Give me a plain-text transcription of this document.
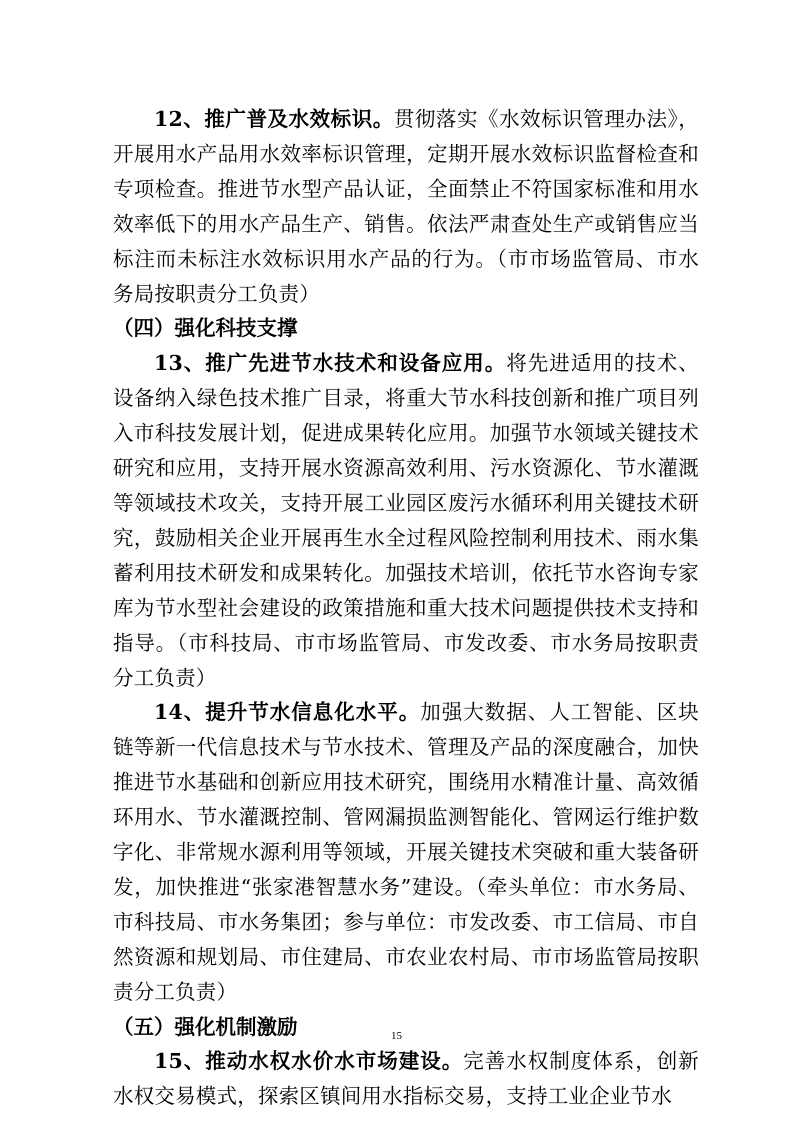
12、推广普及水效标识。贯彻落实《水效标识管理办法》，开展用水产品用水效率标识管理，定期开展水效标识监督检查和专项检查。推进节水型产品认证，全面禁止不符国家标准和用水效率低下的用水产品生产、销售。依法严肃查处生产或销售应当标注而未标注水效标识用水产品的行为。（市市场监管局、市水务局按职责分工负责）

（四）强化科技支撑

13、推广先进节水技术和设备应用。将先进适用的技术、设备纳入绿色技术推广目录，将重大节水科技创新和推广项目列入市科技发展计划，促进成果转化应用。加强节水领域关键技术研究和应用，支持开展水资源高效利用、污水资源化、节水灌溉等领域技术攻关，支持开展工业园区废污水循环利用关键技术研究，鼓励相关企业开展再生水全过程风险控制利用技术、雨水集蓄利用技术研发和成果转化。加强技术培训，依托节水咨询专家库为节水型社会建设的政策措施和重大技术问题提供技术支持和指导。（市科技局、市市场监管局、市发改委、市水务局按职责分工负责）

14、提升节水信息化水平。加强大数据、人工智能、区块链等新一代信息技术与节水技术、管理及产品的深度融合，加快推进节水基础和创新应用技术研究，围绕用水精准计量、高效循环用水、节水灌溉控制、管网漏损监测智能化、管网运行维护数字化、非常规水源利用等领域，开展关键技术突破和重大装备研发，加快推进“张家港智慧水务”建设。（牵头单位：市水务局、市科技局、市水务集团；参与单位：市发改委、市工信局、市自然资源和规划局、市住建局、市农业农村局、市市场监管局按职责分工负责）

（五）强化机制激励

15、推动水权水价水市场建设。完善水权制度体系，创新水权交易模式，探索区镇间用水指标交易，支持工业企业节水

15
